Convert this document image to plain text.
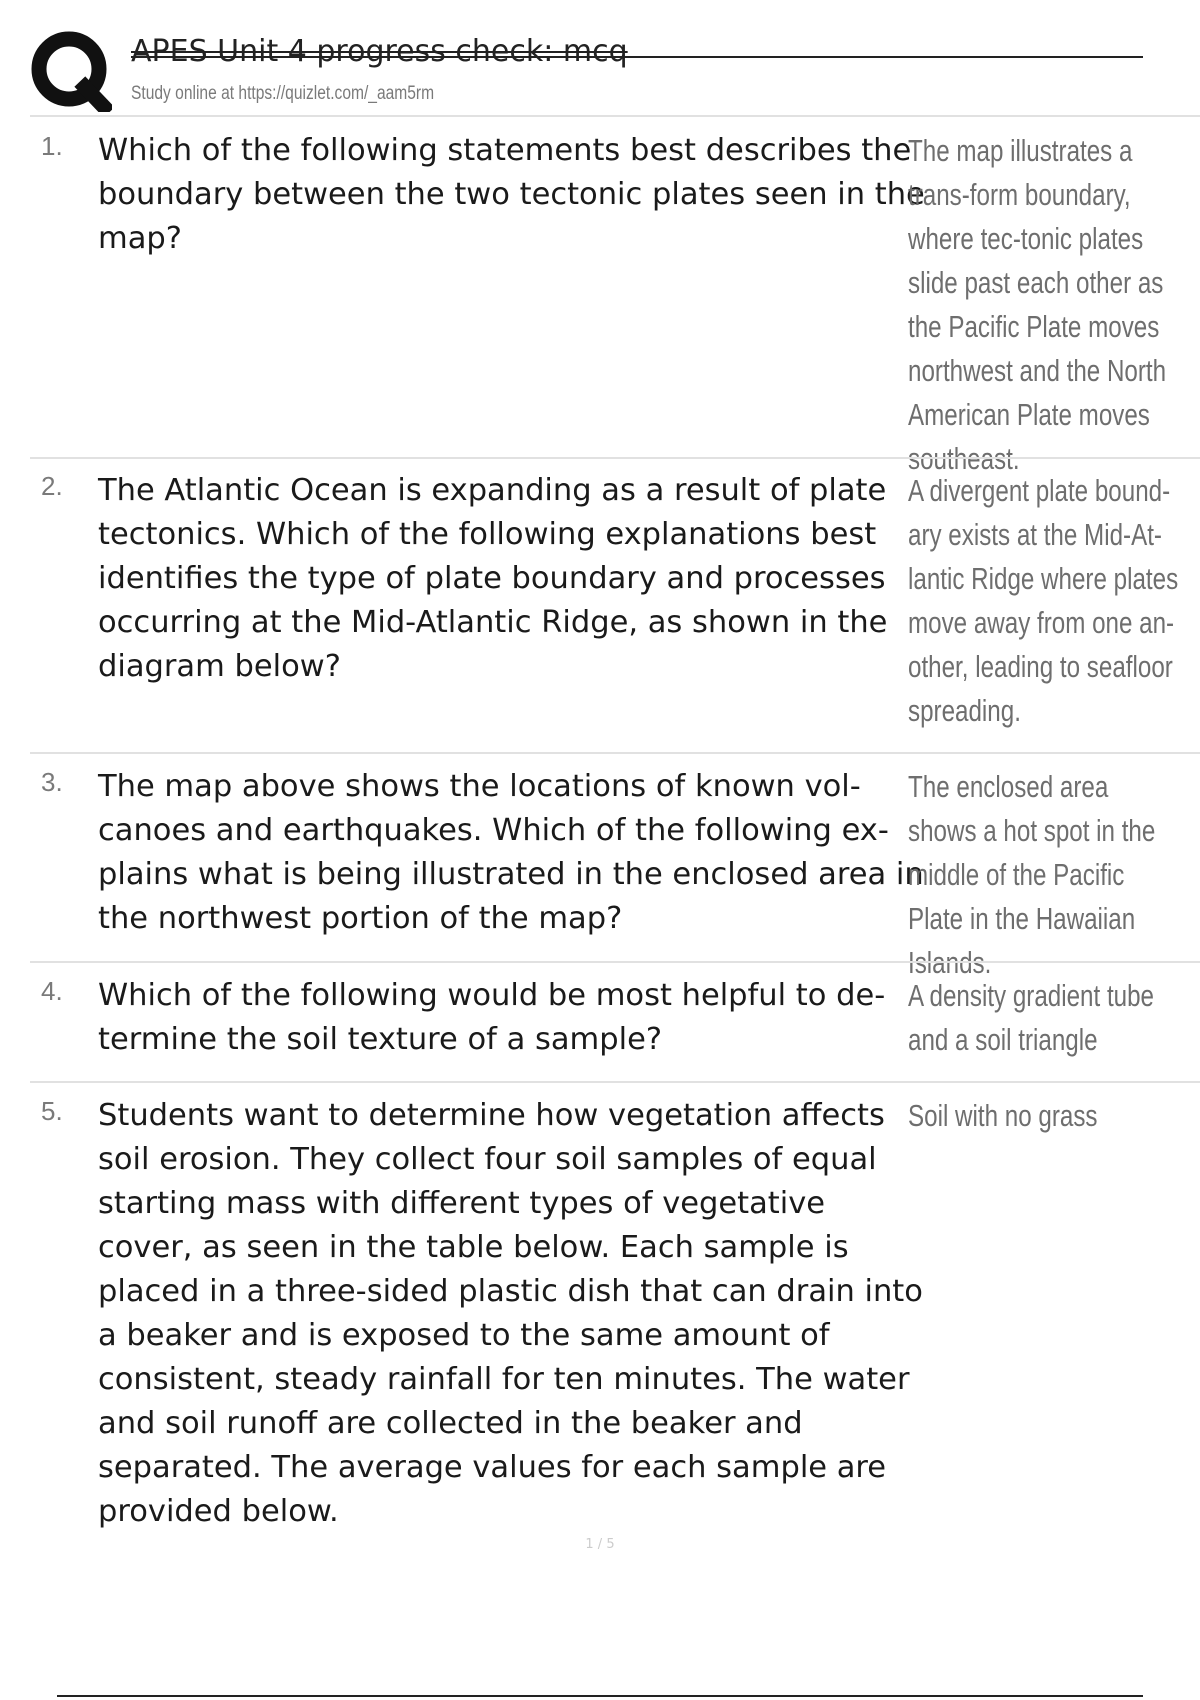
APES Unit 4 progress check: mcq
Study online at https://quizlet.com/_aam5rm
1. Which of the following statements best describes the boundary between the two tectonic plates seen in the map?
The map illustrates a trans-form boundary, where tec-tonic plates slide past each other as the Pacific Plate moves northwest and the North American Plate moves southeast.
2. The Atlantic Ocean is expanding as a result of plate tectonics. Which of the following explanations best identifies the type of plate boundary and processes occurring at the Mid-Atlantic Ridge, as shown in the diagram below?
A divergent plate bound-ary exists at the Mid-At-lantic Ridge where plates move away from one an-other, leading to seafloor spreading.
3. The map above shows the locations of known vol-canoes and earthquakes. Which of the following ex-plains what is being illustrated in the enclosed area in the northwest portion of the map?
The enclosed area shows a hot spot in the middle of the Pacific Plate in the Hawaiian Islands.
4. Which of the following would be most helpful to de-termine the soil texture of a sample?
A density gradient tube and a soil triangle
5. Students want to determine how vegetation affects soil erosion. They collect four soil samples of equal starting mass with different types of vegetative cover, as seen in the table below. Each sample is placed in a three-sided plastic dish that can drain into a beaker and is exposed to the same amount of consistent, steady rainfall for ten minutes. The water and soil runoff are collected in the beaker and separated. The average values for each sample are provided below.
Soil with no grass
1 / 5
